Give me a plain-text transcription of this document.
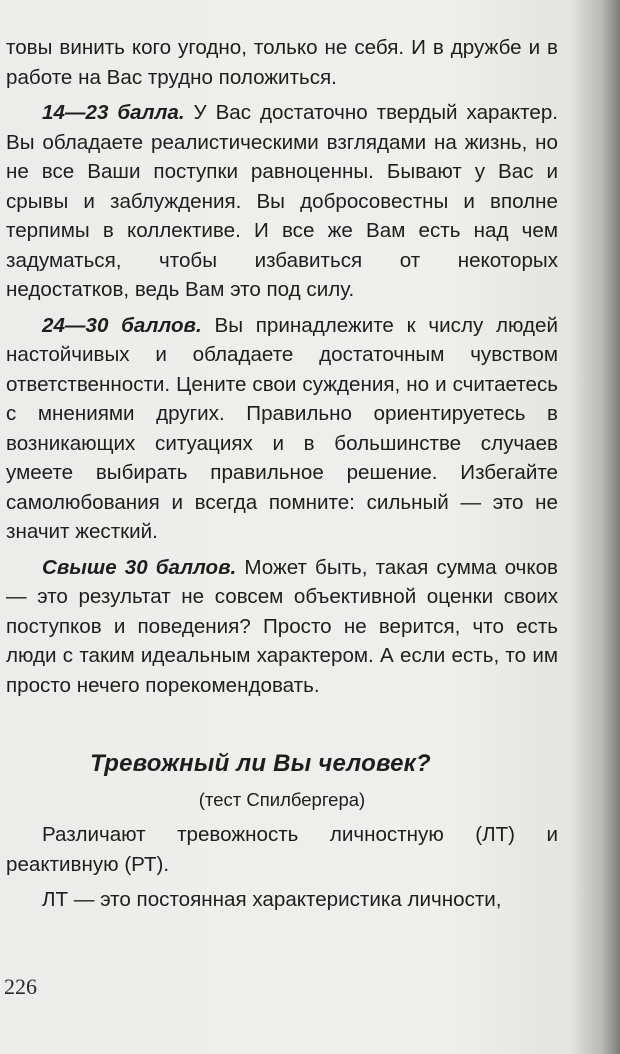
товы винить кого угодно, только не себя. И в дружбе и в работе на Вас трудно положиться.

14—23 балла. У Вас достаточно твердый характер. Вы обладаете реалистическими взглядами на жизнь, но не все Ваши поступки равноценны. Бывают у Вас и срывы и заблуждения. Вы добросовестны и вполне терпимы в коллективе. И все же Вам есть над чем задуматься, чтобы избавиться от некоторых недостатков, ведь Вам это под силу.

24—30 баллов. Вы принадлежите к числу людей настойчивых и обладаете достаточным чувством ответственности. Цените свои суждения, но и считаетесь с мнениями других. Правильно ориентируетесь в возникающих ситуациях и в большинстве случаев умеете выбирать правильное решение. Избегайте самолюбования и всегда помните: сильный — это не значит жесткий.

Свыше 30 баллов. Может быть, такая сумма очков — это результат не совсем объективной оценки своих поступков и поведения? Просто не верится, что есть люди с таким идеальным характером. А если есть, то им просто нечего порекомендовать.

Тревожный ли Вы человек?

(тест Спилбергера)

Различают тревожность личностную (ЛТ) и реактивную (РТ).

ЛТ — это постоянная характеристика личности,

226
